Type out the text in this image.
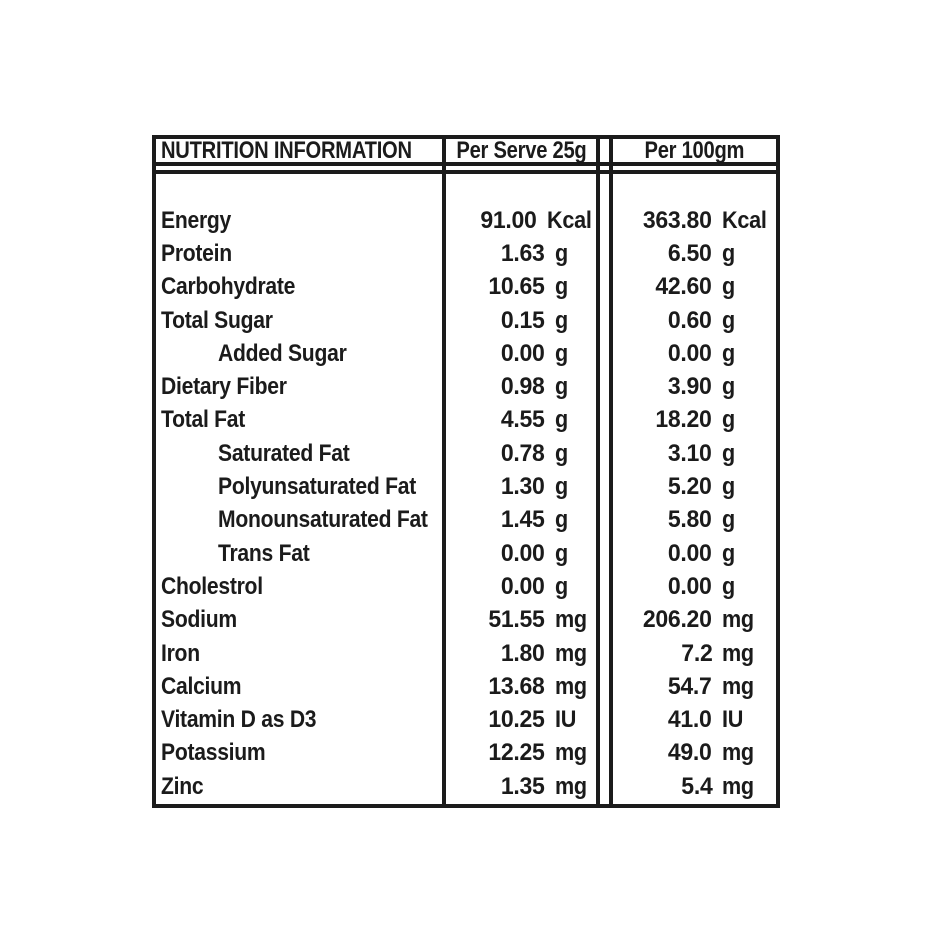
NUTRITION INFORMATION Per Serve 25g Per 100gm
Energy
Protein
Carbohydrate
Total Sugar
Added Sugar
Dietary Fiber
Total Fat
Saturated Fat
Polyunsaturated Fat
Monounsaturated Fat
Trans Fat
Cholestrol
Sodium
Iron
Calcium
Vitamin D as D3
Potassium
Zinc
91.00 Kcal
1.63 g
10.65 g
0.15 g
0.00 g
0.98 g
4.55 g
0.78 g
1.30 g
1.45 g
0.00 g
0.00 g
51.55 mg
1.80 mg
13.68 mg
10.25 IU
12.25 mg
1.35 mg
363.80 Kcal
6.50 g
42.60 g
0.60 g
0.00 g
3.90 g
18.20 g
3.10 g
5.20 g
5.80 g
0.00 g
0.00 g
206.20 mg
7.2 mg
54.7 mg
41.0 IU
49.0 mg
5.4 mg
